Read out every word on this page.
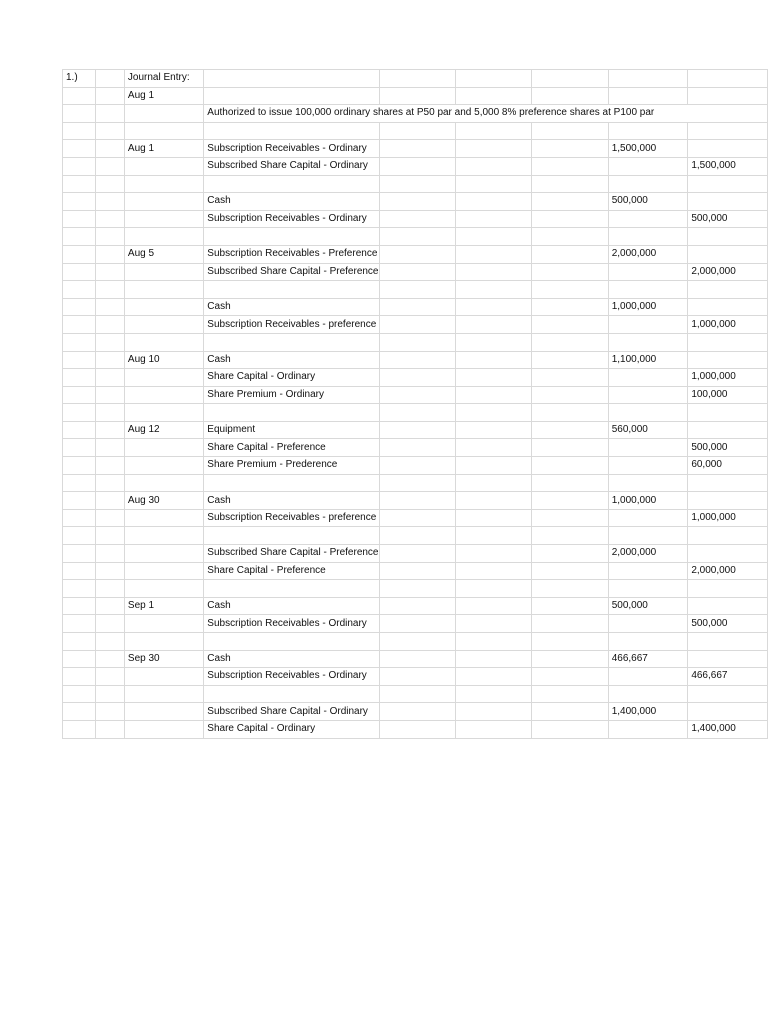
1.)		Journal Entry:						
		Aug 1						
			Authorized to issue 100,000 ordinary shares at P50 par and 5,000 8% preference shares at P100 par					

		Aug 1	Subscription Receivables - Ordinary				1,500,000	
			Subscribed Share Capital - Ordinary					1,500,000

			Cash				500,000	
			Subscription Receivables - Ordinary					500,000

		Aug 5	Subscription Receivables - Preference				2,000,000	
			Subscribed Share Capital - Preference					2,000,000

			Cash				1,000,000	
			Subscription Receivables - preference					1,000,000

		Aug 10	Cash				1,100,000	
			Share Capital - Ordinary					1,000,000
			Share Premium - Ordinary					100,000

		Aug 12	Equipment				560,000	
			Share Capital - Preference					500,000
			Share Premium - Prederence					60,000

		Aug 30	Cash				1,000,000	
			Subscription Receivables - preference					1,000,000

			Subscribed Share Capital - Preference				2,000,000	
			Share Capital - Preference					2,000,000

		Sep 1	Cash				500,000	
			Subscription Receivables - Ordinary					500,000

		Sep 30	Cash				466,667	
			Subscription Receivables - Ordinary					466,667

			Subscribed Share Capital - Ordinary				1,400,000	
			Share Capital - Ordinary					1,400,000
